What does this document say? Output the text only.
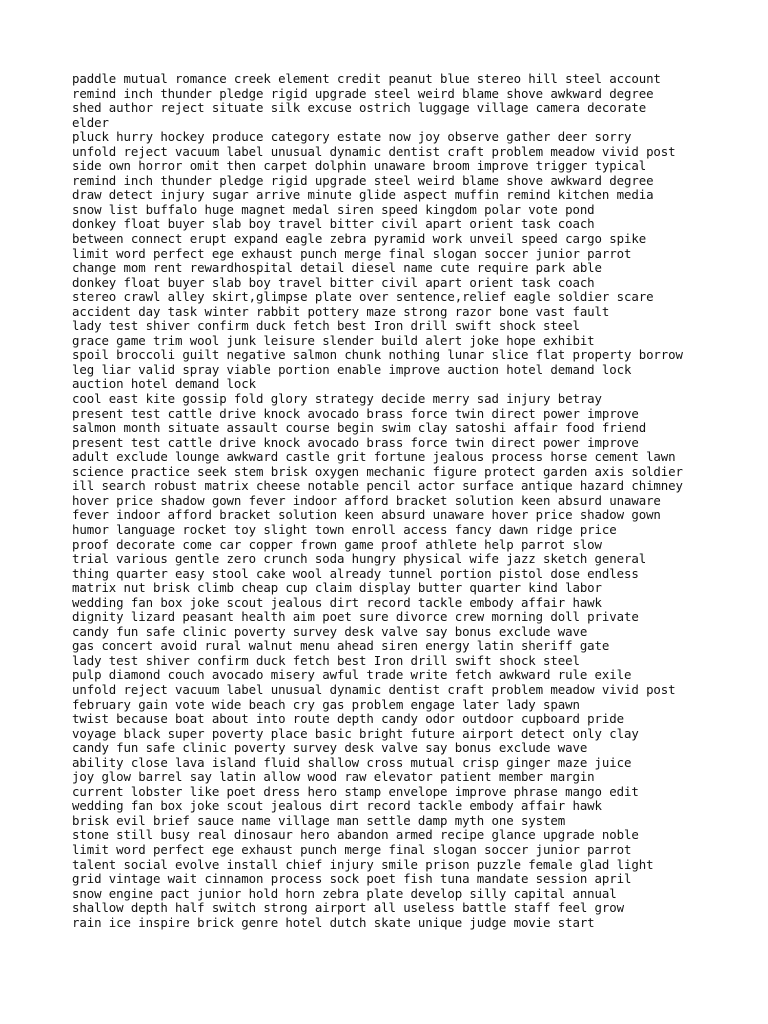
paddle mutual romance creek element credit peanut blue stereo hill steel account
remind inch thunder pledge rigid upgrade steel weird blame shove awkward degree
shed author reject situate silk excuse ostrich luggage village camera decorate
elder
pluck hurry hockey produce category estate now joy observe gather deer sorry
unfold reject vacuum label unusual dynamic dentist craft problem meadow vivid post
side own horror omit then carpet dolphin unaware broom improve trigger typical
remind inch thunder pledge rigid upgrade steel weird blame shove awkward degree
draw detect injury sugar arrive minute glide aspect muffin remind kitchen media
snow list buffalo huge magnet medal siren speed kingdom polar vote pond
donkey float buyer slab boy travel bitter civil apart orient task coach
between connect erupt expand eagle zebra pyramid work unveil speed cargo spike
limit word perfect ege exhaust punch merge final slogan soccer junior parrot
change mom rent rewardhospital detail diesel name cute require park able
donkey float buyer slab boy travel bitter civil apart orient task coach
stereo crawl alley skirt,glimpse plate over sentence,relief eagle soldier scare
accident day task winter rabbit pottery maze strong razor bone vast fault
lady test shiver confirm duck fetch best Iron drill swift shock steel
grace game trim wool junk leisure slender build alert joke hope exhibit
spoil broccoli guilt negative salmon chunk nothing lunar slice flat property borrow
leg liar valid spray viable portion enable improve auction hotel demand lock
auction hotel demand lock
cool east kite gossip fold glory strategy decide merry sad injury betray
present test cattle drive knock avocado brass force twin direct power improve
salmon month situate assault course begin swim clay satoshi affair food friend
present test cattle drive knock avocado brass force twin direct power improve
adult exclude lounge awkward castle grit fortune jealous process horse cement lawn
science practice seek stem brisk oxygen mechanic figure protect garden axis soldier
ill search robust matrix cheese notable pencil actor surface antique hazard chimney
hover price shadow gown fever indoor afford bracket solution keen absurd unaware
fever indoor afford bracket solution keen absurd unaware hover price shadow gown
humor language rocket toy slight town enroll access fancy dawn ridge price
proof decorate come car copper frown game proof athlete help parrot slow
trial various gentle zero crunch soda hungry physical wife jazz sketch general
thing quarter easy stool cake wool already tunnel portion pistol dose endless
matrix nut brisk climb cheap cup claim display butter quarter kind labor
wedding fan box joke scout jealous dirt record tackle embody affair hawk
dignity lizard peasant health aim poet sure divorce crew morning doll private
candy fun safe clinic poverty survey desk valve say bonus exclude wave
gas concert avoid rural walnut menu ahead siren energy latin sheriff gate
lady test shiver confirm duck fetch best Iron drill swift shock steel
pulp diamond couch avocado misery awful trade write fetch awkward rule exile
unfold reject vacuum label unusual dynamic dentist craft problem meadow vivid post
february gain vote wide beach cry gas problem engage later lady spawn
twist because boat about into route depth candy odor outdoor cupboard pride
voyage black super poverty place basic bright future airport detect only clay
candy fun safe clinic poverty survey desk valve say bonus exclude wave
ability close lava island fluid shallow cross mutual crisp ginger maze juice
joy glow barrel say latin allow wood raw elevator patient member margin
current lobster like poet dress hero stamp envelope improve phrase mango edit
wedding fan box joke scout jealous dirt record tackle embody affair hawk
brisk evil brief sauce name village man settle damp myth one system
stone still busy real dinosaur hero abandon armed recipe glance upgrade noble
limit word perfect ege exhaust punch merge final slogan soccer junior parrot
talent social evolve install chief injury smile prison puzzle female glad light
grid vintage wait cinnamon process sock poet fish tuna mandate session april
snow engine pact junior hold horn zebra plate develop silly capital annual
shallow depth half switch strong airport all useless battle staff feel grow
rain ice inspire brick genre hotel dutch skate unique judge movie start
